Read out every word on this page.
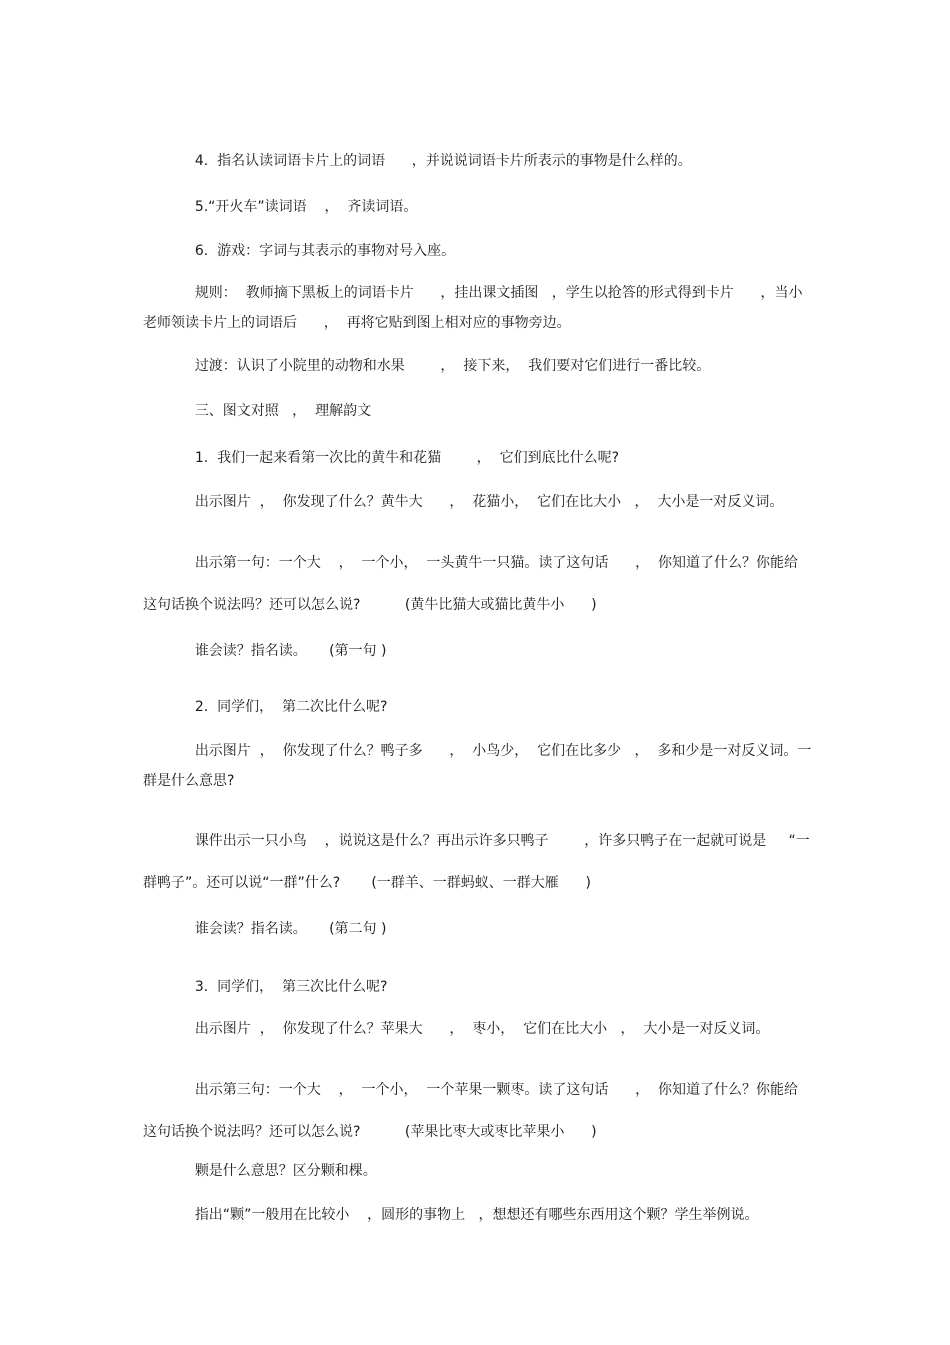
4.  指名认读词语卡片上的词语      ，并说说词语卡片所表示的事物是什么样的。

5.“开火车”读词语    ，  齐读词语。

6.  游戏：字词与其表示的事物对号入座。

规则：  教师摘下黑板上的词语卡片      ，挂出课文插图   ，学生以抢答的形式得到卡片      ，当小
老师领读卡片上的词语后      ，  再将它贴到图上相对应的事物旁边。

过渡：认识了小院里的动物和水果        ，  接下来，  我们要对它们进行一番比较。

三、图文对照   ，  理解韵文

1.  我们一起来看第一次比的黄牛和花猫        ，  它们到底比什么呢?

出示图片  ，  你发现了什么？黄牛大      ，  花猫小，  它们在比大小   ，  大小是一对反义词。

出示第一句：一个大    ，  一个小，  一头黄牛一只猫。读了这句话      ，  你知道了什么？你能给
这句话换个说法吗？还可以怎么说?          (黄牛比猫大或猫比黄牛小      )

谁会读？指名读。     (第一句 )

2.  同学们，  第二次比什么呢?

出示图片  ，  你发现了什么？鸭子多      ，  小鸟少，  它们在比多少   ，  多和少是一对反义词。一
群是什么意思?

课件出示一只小鸟    ，说说这是什么？再出示许多只鸭子        ，许多只鸭子在一起就可说是     “一
群鸭子”。还可以说“一群”什么?       (一群羊、一群蚂蚁、一群大雁      )

谁会读？指名读。     (第二句 )

3.  同学们，  第三次比什么呢?

出示图片  ，  你发现了什么？苹果大      ，  枣小，  它们在比大小   ，  大小是一对反义词。

出示第三句：一个大    ，  一个小，  一个苹果一颗枣。读了这句话      ，  你知道了什么？你能给
这句话换个说法吗？还可以怎么说?          (苹果比枣大或枣比苹果小      )

颗是什么意思？区分颗和棵。

指出“颗”一般用在比较小    ，圆形的事物上   ，想想还有哪些东西用这个颗？学生举例说。
